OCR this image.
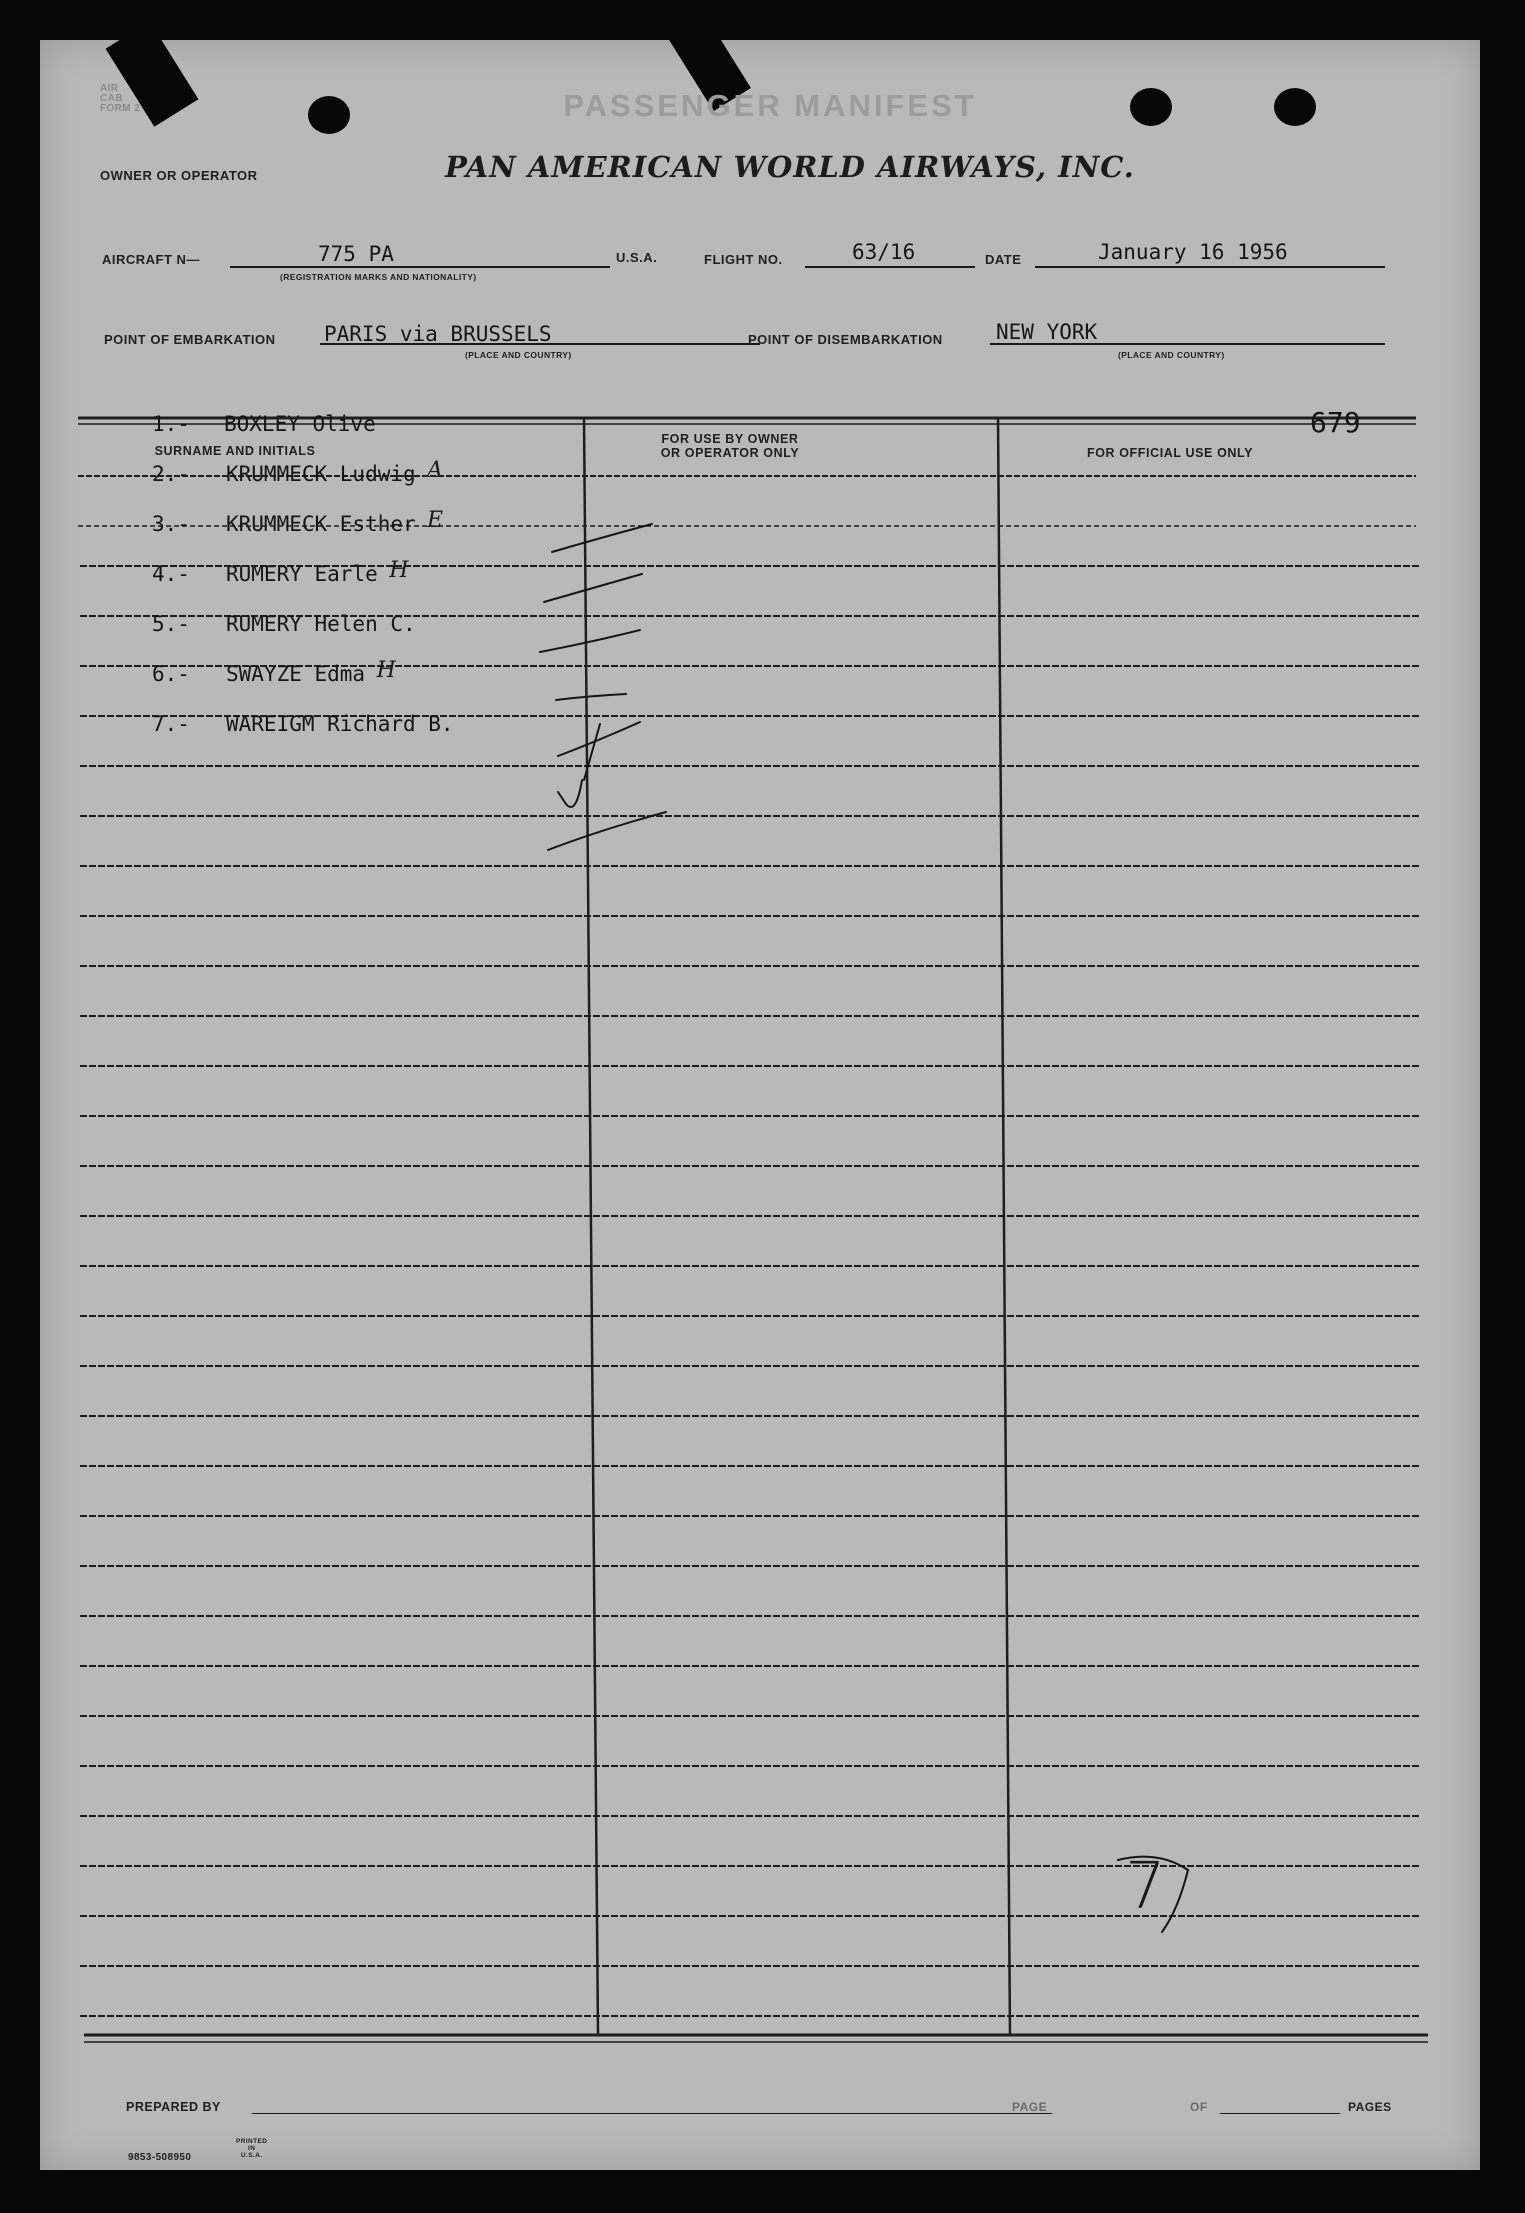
AIR
CAB
FORM 2	PASSENGER MANIFEST
OWNER OR OPERATOR	PAN AMERICAN WORLD AIRWAYS, INC.
AIRCRAFT N—	775 PA
(REGISTRATION MARKS AND NATIONALITY)
U.S.A.	FLIGHT NO.	63/16	DATE	January 16 1956
POINT OF EMBARKATION PARIS via BRUSSELS
(PLACE AND COUNTRY)
POINT OF DISEMBARKATION	NEW YORK
(PLACE AND COUNTRY)
SURNAME AND INITIALS
FOR USE BY OWNER
OR OPERATOR ONLY	FOR OFFICIAL USE ONLY
1.- BOXLEY Olive	679
2.- KRUMMECK Ludwig A
3.- KRUMMECK Esther E
4.- RUMERY Earle H
5.- RUMERY Helen C.
6.- SWAYZE Edma H
7.- WAREIGM Richard B.
7
PREPARED BY	PAGE	OF	PAGES
9853-508950
PRINTED
IN
U.S.A.
